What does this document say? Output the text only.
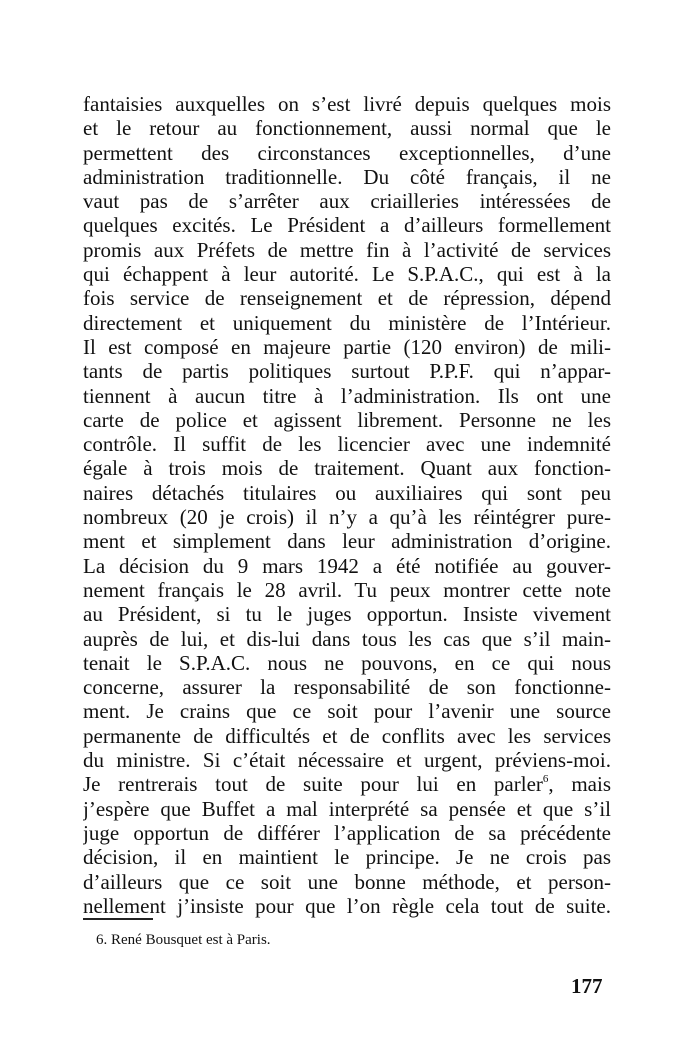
fantaisies auxquelles on s’est livré depuis quelques mois
et le retour au fonctionnement, aussi normal que le
permettent des circonstances exceptionnelles, d’une
administration traditionnelle. Du côté français, il ne
vaut pas de s’arrêter aux criailleries intéressées de
quelques excités. Le Président a d’ailleurs formellement
promis aux Préfets de mettre fin à l’activité de services
qui échappent à leur autorité. Le S.P.A.C., qui est à la
fois service de renseignement et de répression, dépend
directement et uniquement du ministère de l’Intérieur.
Il est composé en majeure partie (120 environ) de mili-
tants de partis politiques surtout P.P.F. qui n’appar-
tiennent à aucun titre à l’administration. Ils ont une
carte de police et agissent librement. Personne ne les
contrôle. Il suffit de les licencier avec une indemnité
égale à trois mois de traitement. Quant aux fonction-
naires détachés titulaires ou auxiliaires qui sont peu
nombreux (20 je crois) il n’y a qu’à les réintégrer pure-
ment et simplement dans leur administration d’origine.
La décision du 9 mars 1942 a été notifiée au gouver-
nement français le 28 avril. Tu peux montrer cette note
au Président, si tu le juges opportun. Insiste vivement
auprès de lui, et dis-lui dans tous les cas que s’il main-
tenait le S.P.A.C. nous ne pouvons, en ce qui nous
concerne, assurer la responsabilité de son fonctionne-
ment. Je crains que ce soit pour l’avenir une source
permanente de difficultés et de conflits avec les services
du ministre. Si c’était nécessaire et urgent, préviens-moi.
Je rentrerais tout de suite pour lui en parler$^6$, mais
j’espère que Buffet a mal interprété sa pensée et que s’il
juge opportun de différer l’application de sa précédente
décision, il en maintient le principe. Je ne crois pas
d’ailleurs que ce soit une bonne méthode, et person-
nellement j’insiste pour que l’on règle cela tout de suite.
6. René Bousquet est à Paris.
177
